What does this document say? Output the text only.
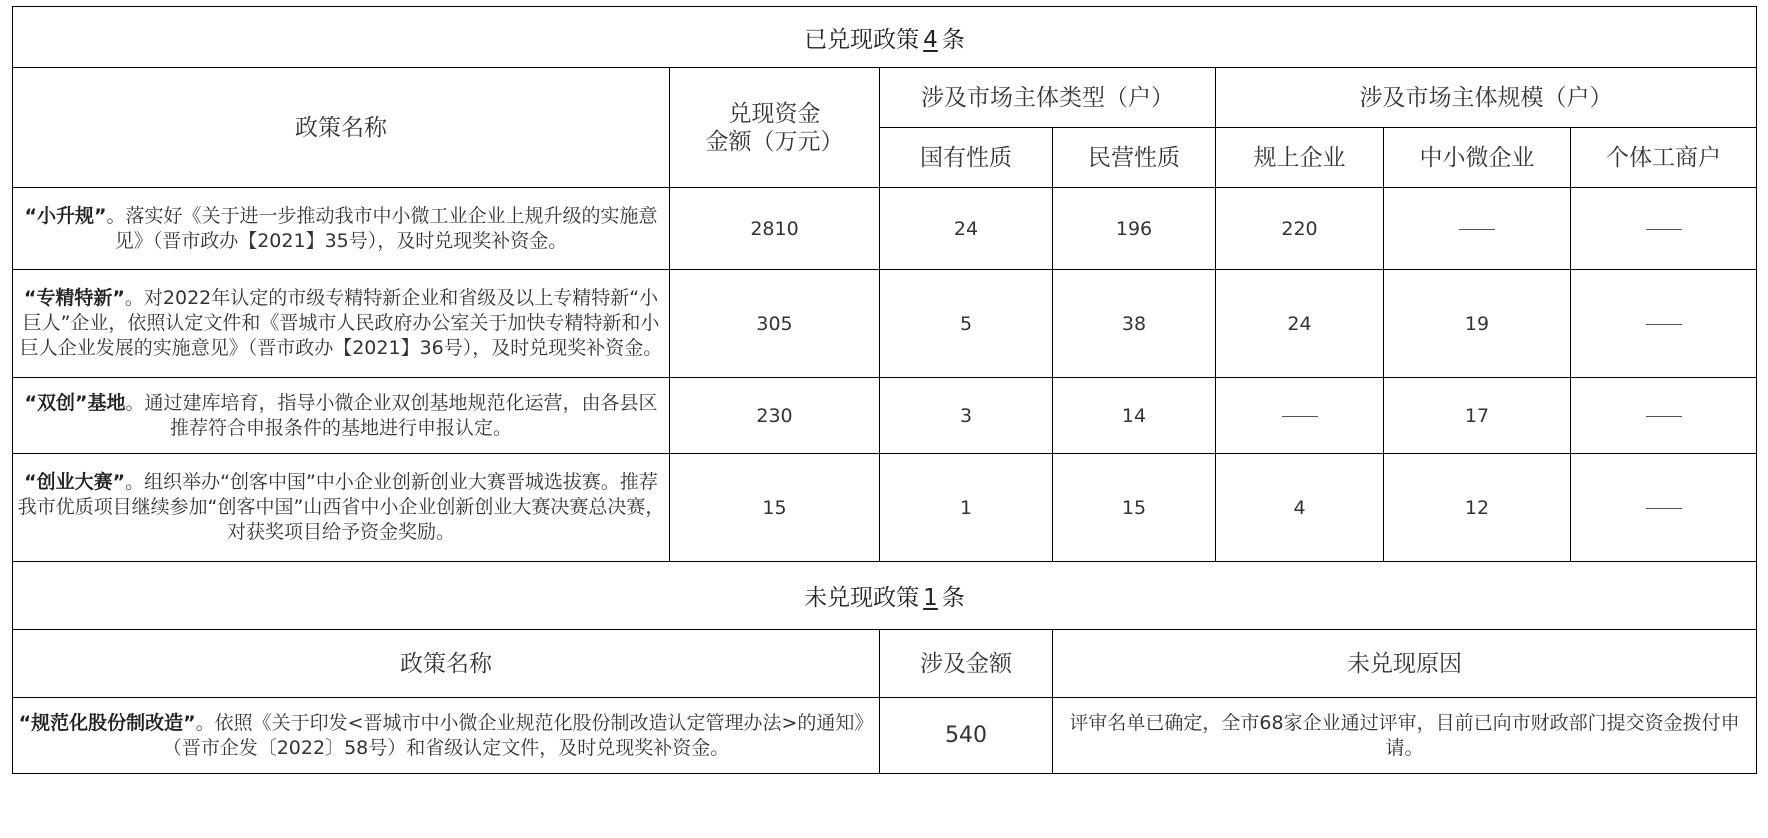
已兑现政策 4 条						
政策名称	兑现资金
金额（万元）	涉及市场主体类型（户）		涉及市场主体规模（户）		
		国有性质	民营性质	规上企业	中小微企业	个体工商户
“小升规”。落实好《关于进一步推动我市中小微工业企业上规升级的实施意见》（晋市政办【2021】35号），及时兑现奖补资金。	2810	24	196	220		
“专精特新”。对2022年认定的市级专精特新企业和省级及以上专精特新“小巨人”企业，依照认定文件和《晋城市人民政府办公室关于加快专精特新和小巨人企业发展的实施意见》（晋市政办【2021】36号），及时兑现奖补资金。	305	5	38	24	19	
“双创”基地。通过建库培育，指导小微企业双创基地规范化运营，由各县区推荐符合申报条件的基地进行申报认定。	230	3	14		17	
“创业大赛”。组织举办“创客中国”中小企业创新创业大赛晋城选拔赛。推荐我市优质项目继续参加“创客中国”山西省中小企业创新创业大赛决赛总决赛，对获奖项目给予资金奖励。	15	1	15	4	12	
未兑现政策 1 条						
政策名称		涉及金额	未兑现原因			
“规范化股份制改造”。依照《关于印发<晋城市中小微企业规范化股份制改造认定管理办法>的通知》（晋市企发〔2022〕58号）和省级认定文件，及时兑现奖补资金。		540	评审名单已确定，全市68家企业通过评审，目前已向市财政部门提交资金拨付申请。			
